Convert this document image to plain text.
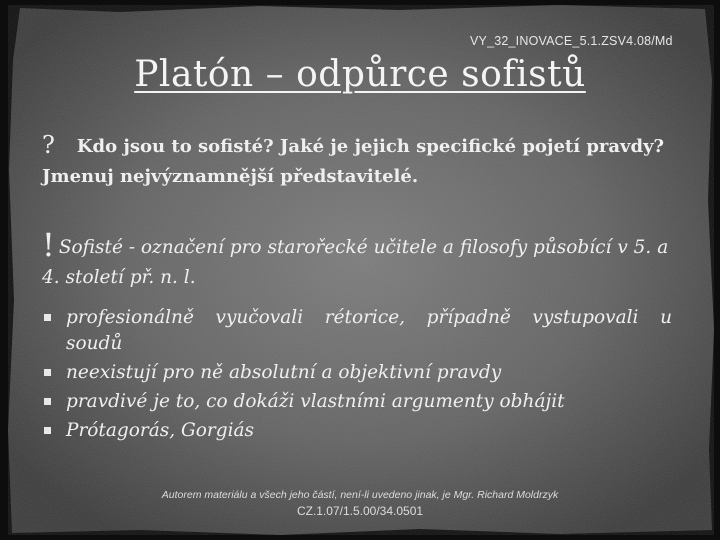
VY_32_INOVACE_5.1.ZSV4.08/Md
Platón – odpůrce sofistů
? Kdo jsou to sofisté? Jaké je jejich specifické pojetí pravdy? Jmenuj nejvýznamnější představitelé.
! Sofisté - označení pro starořecké učitele a filosofy působící v 5. a 4. století př. n. l.
profesionálně vyučovali rétorice, případně vystupovali u soudů
neexistují pro ně absolutní a objektivní pravdy
pravdivé je to, co dokáži vlastními argumenty obhájit
Prótagorás, Gorgiás
Autorem materiálu a všech jeho částí, není-li uvedeno jinak, je Mgr. Richard Moldrzyk
CZ.1.07/1.5.00/34.0501
